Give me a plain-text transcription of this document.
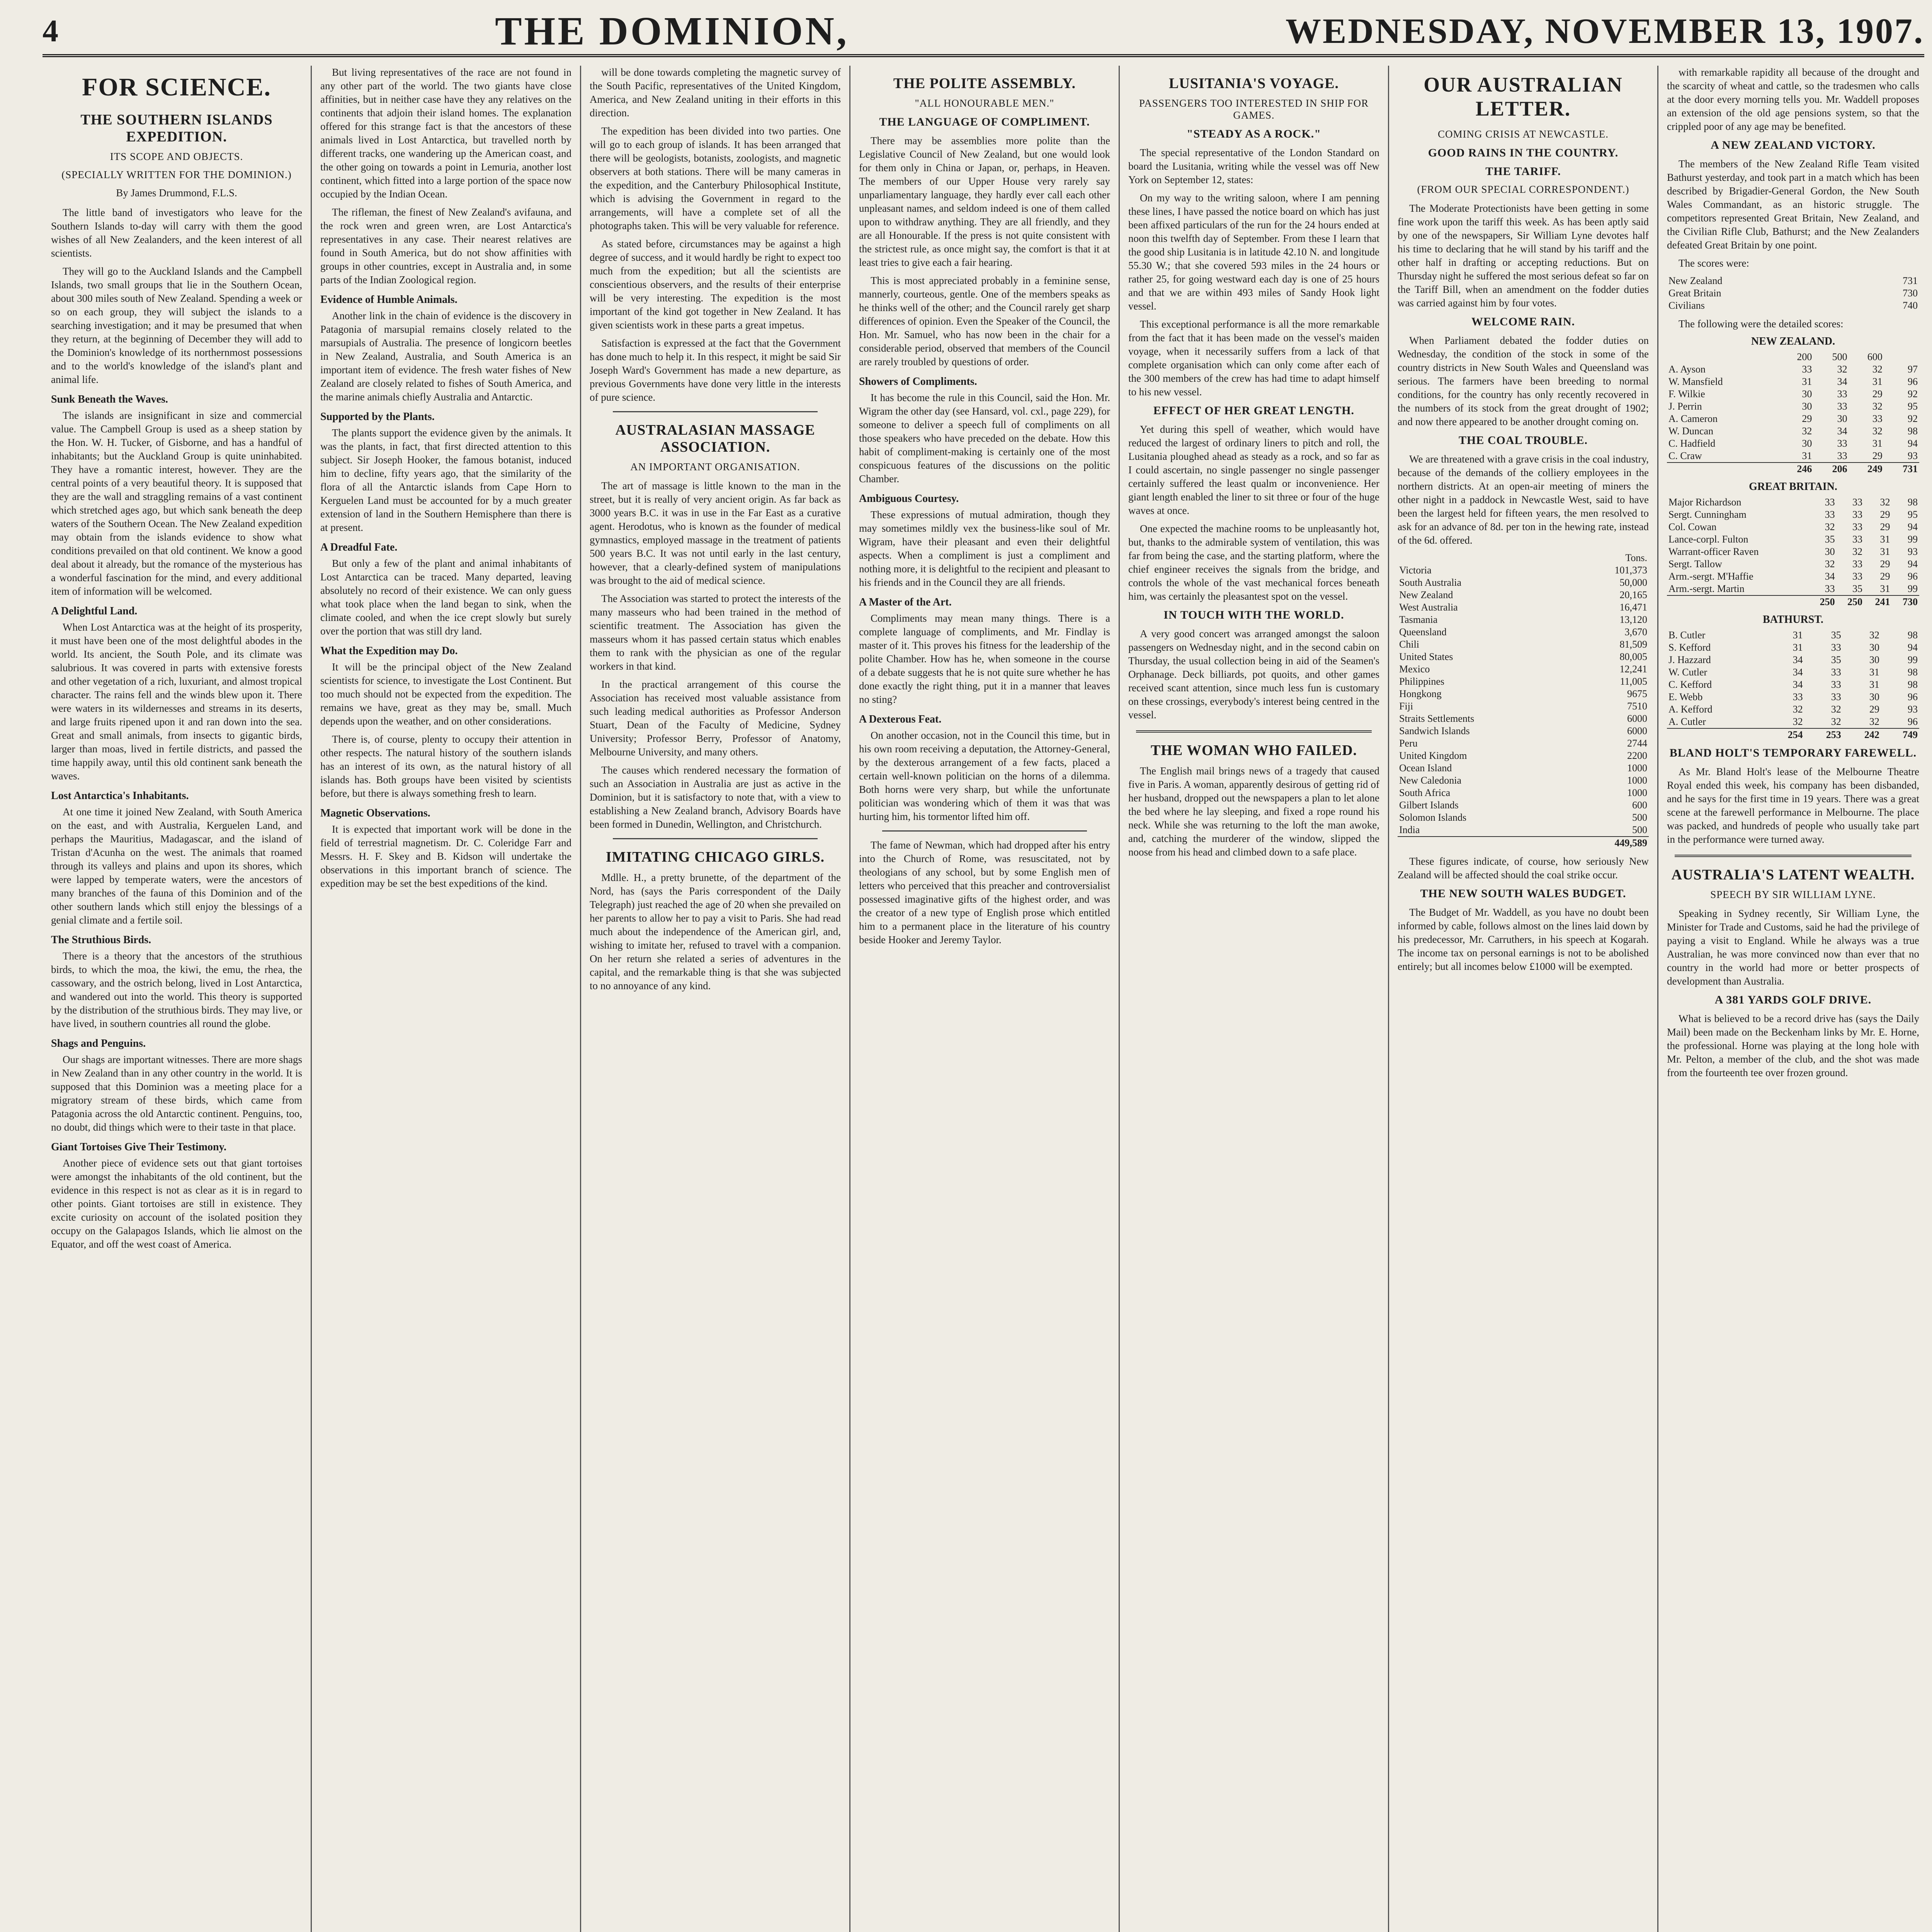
4	THE DOMINION,	WEDNESDAY, NOVEMBER 13, 1907.
FOR SCIENCE.
THE SOUTHERN ISLANDS EXPEDITION.
ITS SCOPE AND OBJECTS.
(SPECIALLY WRITTEN FOR THE DOMINION.)
By James Drummond, F.L.S.

The little band of investigators who leave for the Southern Islands to-day will carry with them the good wishes of all New Zealanders, and the keen interest of all scientists.

They will go to the Auckland Islands and the Campbell Islands, two small groups that lie in the Southern Ocean, about 300 miles south of New Zealand. Spending a week or so on each group, they will subject the islands to a searching investigation; and it may be presumed that when they return, at the beginning of December they will add to the Dominion's knowledge of its northernmost possessions and to the world's knowledge of the island's plant and animal life.

Sunk Beneath the Waves.

The islands are insignificant in size and commercial value. The Campbell Group is used as a sheep station by the Hon. W. H. Tucker, of Gisborne, and has a handful of inhabitants; but the Auckland Group is quite uninhabited. They have a romantic interest, however. They are the central points of a very beautiful theory. It is supposed that they are the wall and straggling remains of a vast continent which stretched ages ago, but which sank beneath the deep waters of the Southern Ocean. The New Zealand expedition may obtain from the islands evidence to show what conditions prevailed on that old continent. We know a good deal about it already, but the romance of the mysterious has a wonderful fascination for the mind, and every additional item of information will be welcomed.

A Delightful Land.

When Lost Antarctica was at the height of its prosperity, it must have been one of the most delightful abodes in the world. Its ancient, the South Pole, and its climate was salubrious. It was covered in parts with extensive forests and other vegetation of a rich, luxuriant, and almost tropical character. The rains fell and the winds blew upon it. There were waters in its wildernesses and streams in its deserts, and large fruits ripened upon it and ran down into the sea. Great and small animals, from insects to gigantic birds, larger than moas, lived in fertile districts, and passed the time happily away, until this old continent sank beneath the waves.

Lost Antarctica's Inhabitants.

At one time it joined New Zealand, with South America on the east, and with Australia, Kerguelen Land, and perhaps the Mauritius, Madagascar, and the island of Tristan d'Acunha on the west. The animals that roamed through its valleys and plains and upon its shores, which were lapped by temperate waters, were the ancestors of many branches of the fauna of this Dominion and of the other southern lands which still enjoy the blessings of a genial climate and a fertile soil.

The Struthious Birds.

There is a theory that the ancestors of the struthious birds, to which the moa, the kiwi, the emu, the rhea, the cassowary, and the ostrich belong, lived in Lost Antarctica, and wandered out into the world. This theory is supported by the distribution of the struthious birds. They may live, or have lived, in southern countries all round the globe.

Shags and Penguins.

Our shags are important witnesses. There are more shags in New Zealand than in any other country in the world. It is supposed that this Dominion was a meeting place for a migratory stream of these birds, which came from Patagonia across the old Antarctic continent. Penguins, too, no doubt, did things which were to their taste in that place.

Giant Tortoises Give Their Testimony.

Another piece of evidence sets out that giant tortoises were amongst the inhabitants of the old continent, but the evidence in this respect is not as clear as it is in regard to other points. Giant tortoises are still in existence. They excite curiosity on account of the isolated position they occupy on the Galapagos Islands, which lie almost on the Equator, and off the west coast of America.

But living representatives of the race are not found in any other part of the world. The two giants have close affinities, but in neither case have they any relatives on the continents that adjoin their island homes. The explanation offered for this strange fact is that the ancestors of these animals lived in Lost Antarctica, but travelled north by different tracks, one wandering up the American coast, and the other going on towards a point in Lemuria, another lost continent, which fitted into a large portion of the space now occupied by the Indian Ocean.

The rifleman, the finest of New Zealand's avifauna, and the rock wren and green wren, are Lost Antarctica's representatives in any case. Their nearest relatives are found in South America, but do not show affinities with groups in other countries, except in Australia and, in some parts of the Indian Zoological region.

Evidence of Humble Animals.

Another link in the chain of evidence is the discovery in Patagonia of marsupial remains closely related to the marsupials of Australia. The presence of longicorn beetles in New Zealand, Australia, and South America is an important item of evidence. The fresh water fishes of New Zealand are closely related to fishes of South America, and the marine animals chiefly Australia and Antarctic.

Supported by the Plants.

The plants support the evidence given by the animals. It was the plants, in fact, that first directed attention to this subject. Sir Joseph Hooker, the famous botanist, induced him to decline, fifty years ago, that the similarity of the flora of all the Antarctic islands from Cape Horn to Kerguelen Land must be accounted for by a much greater extension of land in the Southern Hemisphere than there is at present.

A Dreadful Fate.

But only a few of the plant and animal inhabitants of Lost Antarctica can be traced. Many departed, leaving absolutely no record of their existence. We can only guess what took place when the land began to sink, when the climate cooled, and when the ice crept slowly but surely over the portion that was still dry land.

What the Expedition may Do.

It will be the principal object of the New Zealand scientists for science, to investigate the Lost Continent. But too much should not be expected from the expedition. The remains we have, great as they may be, small. Much depends upon the weather, and on other considerations.

There is, of course, plenty to occupy their attention in other respects. The natural history of the southern islands has an interest of its own, as the natural history of all islands has. Both groups have been visited by scientists before, but there is always something fresh to learn.

Magnetic Observations.

It is expected that important work will be done in the field of terrestrial magnetism. Dr. C. Coleridge Farr and Messrs. H. F. Skey and B. Kidson will undertake the observations in this important branch of science. The expedition may be set the best expeditions of the kind.

will be done towards completing the magnetic survey of the South Pacific, representatives of the United Kingdom, America, and New Zealand uniting in their efforts in this direction.

The expedition has been divided into two parties. One will go to each group of islands. It has been arranged that there will be geologists, botanists, zoologists, and magnetic observers at both stations. There will be many cameras in the expedition, and the Canterbury Philosophical Institute, which is advising the Government in regard to the arrangements, will have a complete set of all the photographs taken. This will be very valuable for reference.

As stated before, circumstances may be against a high degree of success, and it would hardly be right to expect too much from the expedition; but all the scientists are conscientious observers, and the results of their enterprise will be very interesting. The expedition is the most important of the kind got together in New Zealand. It has given scientists work in these parts a great impetus.

Satisfaction is expressed at the fact that the Government has done much to help it. In this respect, it might be said Sir Joseph Ward's Government has made a new departure, as previous Governments have done very little in the interests of pure science.

AUSTRALASIAN MASSAGE ASSOCIATION.
AN IMPORTANT ORGANISATION.

The art of massage is little known to the man in the street, but it is really of very ancient origin. As far back as 3000 years B.C. it was in use in the Far East as a curative agent. Herodotus, who is known as the founder of medical gymnastics, employed massage in the treatment of patients 500 years B.C. It was not until early in the last century, however, that a clearly-defined system of manipulations was brought to the aid of medical science.

The Association was started to protect the interests of the many masseurs who had been trained in the method of scientific treatment. The Association has given the masseurs whom it has passed certain status which enables them to rank with the physician as one of the regular workers in that kind.

In the practical arrangement of this course the Association has received most valuable assistance from such leading medical authorities as Professor Anderson Stuart, Dean of the Faculty of Medicine, Sydney University; Professor Berry, Professor of Anatomy, Melbourne University, and many others.

The causes which rendered necessary the formation of such an Association in Australia are just as active in the Dominion, but it is satisfactory to note that, with a view to establishing a New Zealand branch, Advisory Boards have been formed in Dunedin, Wellington, and Christchurch.

IMITATING CHICAGO GIRLS.

Mdlle. H., a pretty brunette, of the department of the Nord, has (says the Paris correspondent of the Daily Telegraph) just reached the age of 20 when she prevailed on her parents to allow her to pay a visit to Paris. She had read much about the independence of the American girl, and, wishing to imitate her, refused to travel with a companion. On her return she related a series of adventures in the capital, and the remarkable thing is that she was subjected to no annoyance of any kind.

THE POLITE ASSEMBLY.
"ALL HONOURABLE MEN."
THE LANGUAGE OF COMPLIMENT.

There may be assemblies more polite than the Legislative Council of New Zealand, but one would look for them only in China or Japan, or, perhaps, in Heaven. The members of our Upper House very rarely say unparliamentary language, they hardly ever call each other unpleasant names, and seldom indeed is one of them called upon to withdraw anything. They are all friendly, and they are all Honourable. If the press is not quite consistent with the strictest rule, as once might say, the comfort is that it at least tries to give each a fair hearing.

This is most appreciated probably in a feminine sense, mannerly, courteous, gentle. One of the members speaks as he thinks well of the other; and the Council rarely get sharp differences of opinion. Even the Speaker of the Council, the Hon. Mr. Samuel, who has now been in the chair for a considerable period, observed that members of the Council are rarely troubled by questions of order.

Showers of Compliments.

It has become the rule in this Council, said the Hon. Mr. Wigram the other day (see Hansard, vol. cxl., page 229), for someone to deliver a speech full of compliments on all those speakers who have preceded on the debate. How this habit of compliment-making is certainly one of the most conspicuous features of the discussions on the politic Chamber.

Ambiguous Courtesy.

These expressions of mutual admiration, though they may sometimes mildly vex the business-like soul of Mr. Wigram, have their pleasant and even their delightful aspects. When a compliment is just a compliment and nothing more, it is delightful to the recipient and pleasant to his friends and in the Council they are all friends.

A Master of the Art.

Compliments may mean many things. There is a complete language of compliments, and Mr. Findlay is master of it. This proves his fitness for the leadership of the polite Chamber. How has he, when someone in the course of a debate suggests that he is not quite sure whether he has done exactly the right thing, put it in a manner that leaves no sting?

A Dexterous Feat.

On another occasion, not in the Council this time, but in his own room receiving a deputation, the Attorney-General, by the dexterous arrangement of a few facts, placed a certain well-known politician on the horns of a dilemma. Both horns were very sharp, but while the unfortunate politician was wondering which of them it was that was hurting him, his tormentor lifted him off.

The fame of Newman, which had dropped after his entry into the Church of Rome, was resuscitated, not by theologians of any school, but by some English men of letters who perceived that this preacher and controversialist possessed imaginative gifts of the highest order, and was the creator of a new type of English prose which entitled him to a permanent place in the literature of his country beside Hooker and Jeremy Taylor.

LUSITANIA'S VOYAGE.
PASSENGERS TOO INTERESTED IN SHIP FOR GAMES.
"STEADY AS A ROCK."

The special representative of the London Standard on board the Lusitania, writing while the vessel was off New York on September 12, states:

On my way to the writing saloon, where I am penning these lines, I have passed the notice board on which has just been affixed particulars of the run for the 24 hours ended at noon this twelfth day of September. From these I learn that the good ship Lusitania is in latitude 42.10 N. and longitude 55.30 W.; that she covered 593 miles in the 24 hours or rather 25, for going westward each day is one of 25 hours and that we are within 493 miles of Sandy Hook light vessel.

This exceptional performance is all the more remarkable from the fact that it has been made on the vessel's maiden voyage, when it necessarily suffers from a lack of that complete organisation which can only come after each of the 300 members of the crew has had time to adapt himself to his new vessel.

EFFECT OF HER GREAT LENGTH.

Yet during this spell of weather, which would have reduced the largest of ordinary liners to pitch and roll, the Lusitania ploughed ahead as steady as a rock, and so far as I could ascertain, no single passenger no single passenger certainly suffered the least qualm or inconvenience. Her giant length enabled the liner to sit three or four of the huge waves at once.

One expected the machine rooms to be unpleasantly hot, but, thanks to the admirable system of ventilation, this was far from being the case, and the starting platform, where the chief engineer receives the signals from the bridge, and controls the whole of the vast mechanical forces beneath him, was certainly the pleasantest spot on the vessel.

IN TOUCH WITH THE WORLD.

A very good concert was arranged amongst the saloon passengers on Wednesday night, and in the second cabin on Thursday, the usual collection being in aid of the Seamen's Orphanage. Deck billiards, pot quoits, and other games received scant attention, since much less fun is customary on these crossings, everybody's interest being centred in the vessel.

THE WOMAN WHO FAILED.

The English mail brings news of a tragedy that caused five in Paris. A woman, apparently desirous of getting rid of her husband, dropped out the newspapers a plan to let alone the bed where he lay sleeping, and fixed a rope round his neck. While she was returning to the loft the man awoke, and, catching the murderer of the window, slipped the noose from his head and climbed down to a safe place.

OUR AUSTRALIAN LETTER.
COMING CRISIS AT NEWCASTLE.
GOOD RAINS IN THE COUNTRY.
THE TARIFF.
(FROM OUR SPECIAL CORRESPONDENT.)

The Moderate Protectionists have been getting in some fine work upon the tariff this week. As has been aptly said by one of the newspapers, Sir William Lyne devotes half his time to declaring that he will stand by his tariff and the other half in drafting or accepting reductions. But on Thursday night he suffered the most serious defeat so far on the Tariff Bill, when an amendment on the fodder duties was carried against him by four votes.

WELCOME RAIN.

When Parliament debated the fodder duties on Wednesday, the condition of the stock in some of the country districts in New South Wales and Queensland was serious. The farmers have been breeding to normal conditions, for the country has only recently recovered in the numbers of its stock from the great drought of 1902; and now there appeared to be another drought coming on.

THE COAL TROUBLE.

We are threatened with a grave crisis in the coal industry, because of the demands of the colliery employees in the northern districts. At an open-air meeting of miners the other night in a paddock in Newcastle West, said to have been the largest held for fifteen years, the men resolved to ask for an advance of 8d. per ton in the hewing rate, instead of the 6d. offered.

	Tons.
Victoria	101,373
South Australia	50,000
New Zealand	20,165
West Australia	16,471
Tasmania	13,120
Queensland	3,670
Chili	81,509
United States	80,005
Mexico	12,241
Philippines	11,005
Hongkong	9675
Fiji	7510
Straits Settlements	6000
Sandwich Islands	6000
Peru	2744
United Kingdom	2200
Ocean Island	1000
New Caledonia	1000
South Africa	1000
Gilbert Islands	600
Solomon Islands	500
India	500
	449,589

These figures indicate, of course, how seriously New Zealand will be affected should the coal strike occur.

THE NEW SOUTH WALES BUDGET.

The Budget of Mr. Waddell, as you have no doubt been informed by cable, follows almost on the lines laid down by his predecessor, Mr. Carruthers, in his speech at Kogarah. The income tax on personal earnings is not to be abolished entirely; but all incomes below £1000 will be exempted.

with remarkable rapidity all because of the drought and the scarcity of wheat and cattle, so the tradesmen who calls at the door every morning tells you. Mr. Waddell proposes an extension of the old age pensions system, so that the crippled poor of any age may be benefited.

A NEW ZEALAND VICTORY.

The members of the New Zealand Rifle Team visited Bathurst yesterday, and took part in a match which has been described by Brigadier-General Gordon, the New South Wales Commandant, as an historic struggle. The competitors represented Great Britain, New Zealand, and the Civilian Rifle Club, Bathurst; and the New Zealanders defeated Great Britain by one point.

The scores were:

New Zealand	731
Great Britain	730
Civilians	740

The following were the detailed scores:

NEW ZEALAND.
	200	500	600	
A. Ayson	33	32	32	97
W. Mansfield	31	34	31	96
F. Wilkie	30	33	29	92
J. Perrin	30	33	32	95
A. Cameron	29	30	33	92
W. Duncan	32	34	32	98
C. Hadfield	30	33	31	94
C. Craw	31	33	29	93
	246	206	249	731
GREAT BRITAIN.
Major Richardson	33	33	32	98
Sergt. Cunningham	33	33	29	95
Col. Cowan	32	33	29	94
Lance-corpl. Fulton	35	33	31	99
Warrant-officer Raven	30	32	31	93
Sergt. Tallow	32	33	29	94
Arm.-sergt. M'Haffie	34	33	29	96
Arm.-sergt. Martin	33	35	31	99
	250	250	241	730
BATHURST.
B. Cutler	31	35	32	98
S. Kefford	31	33	30	94
J. Hazzard	34	35	30	99
W. Cutler	34	33	31	98
C. Kefford	34	33	31	98
E. Webb	33	33	30	96
A. Kefford	32	32	29	93
A. Cutler	32	32	32	96
	254	253	242	749
BLAND HOLT'S TEMPORARY FAREWELL.

As Mr. Bland Holt's lease of the Melbourne Theatre Royal ended this week, his company has been disbanded, and he says for the first time in 19 years. There was a great scene at the farewell performance in Melbourne. The place was packed, and hundreds of people who usually take part in the performance were turned away.

AUSTRALIA'S LATENT WEALTH.
SPEECH BY SIR WILLIAM LYNE.

Speaking in Sydney recently, Sir William Lyne, the Minister for Trade and Customs, said he had the privilege of paying a visit to England. While he always was a true Australian, he was more convinced now than ever that no country in the world had more or better prospects of development than Australia.

A 381 YARDS GOLF DRIVE.

What is believed to be a record drive has (says the Daily Mail) been made on the Beckenham links by Mr. E. Horne, the professional. Horne was playing at the long hole with Mr. Pelton, a member of the club, and the shot was made from the fourteenth tee over frozen ground.
